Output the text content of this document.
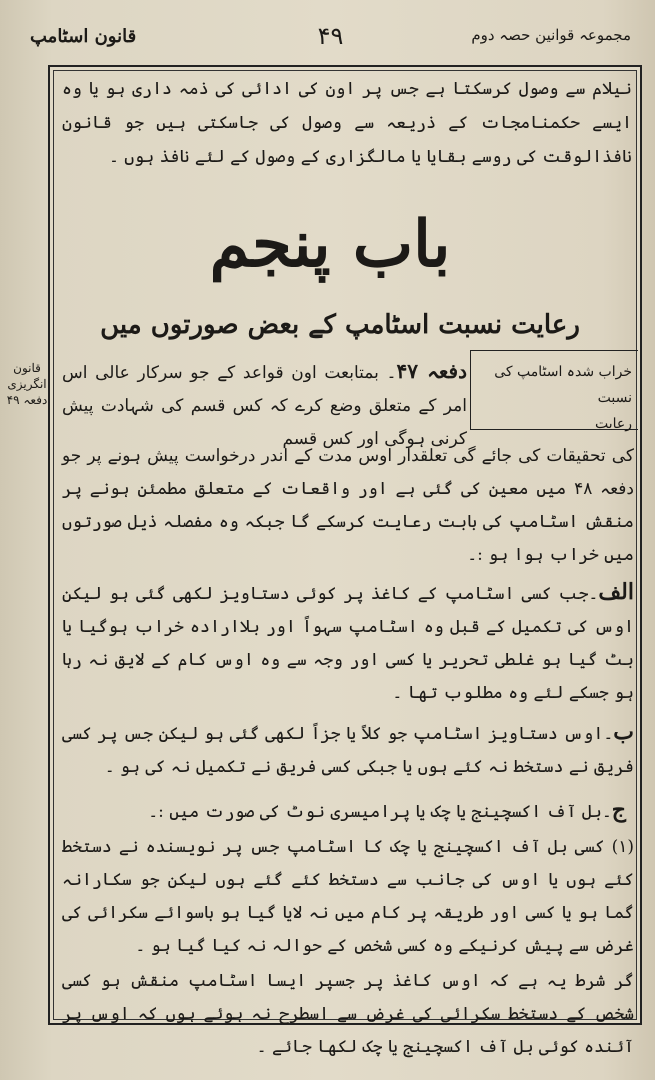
مجموعہ قوانین حصہ دوم
۴۹
قانون اسٹامپ

نیلام سے وصول کرسکتا ہے جس پر اون کی ادائی کی ذمہ داری ہو یا وہ ایسے حکمنامجات کے ذریعہ سے وصول کی جاسکتی ہیں جو قانون نافذالوقت کی روسے بقایا یا مالگزاری کے وصول کے لئے نافذ ہوں ۔

باب پنجم
رعایت نسبت اسٹامپ کے بعض صورتوں میں
قانون انگریزی
دفعہ ۴۹
خراب شدہ اسٹامپ کی نسبت
رعایت
دفعہ ۴۷۔ بمتابعت اون قواعد کے جو سرکار عالی اس امر کے متعلق وضع کرے کہ کس قسم کی شہادت پیش کرنی ہوگی اور کس قسم
کی تحقیقات کی جائے گی تعلقدار اوس مدت کے اندر درخواست پیش ہونے پر جو دفعہ ۴۸ میں معین کی گئی ہے اور واقعات کے متعلق مطمئن ہونے پر منقش اسٹامپ کی بابت رعایت کرسکے گا جبکہ وہ مفصلہ ذیل صورتوں میں خراب ہوا ہو :۔
الف۔جب کسی اسٹامپ کے کاغذ پر کوئی دستاویز لکھی گئی ہو لیکن اوس کی تکمیل کے قبل وہ اسٹامپ سہواً اور بلاارادہ خراب ہوگیا یا بٹ گیا ہو غلطی تحریر یا کسی اور وجہ سے وہ اوس کام کے لایق نہ رہا ہو جسکے لئے وہ مطلوب تھا ۔
ب۔اوس دستاویز اسٹامپ جو کلاً یا جزاً لکھی گئی ہو لیکن جس پر کسی فریق نے دستخط نہ کئے ہوں یا جبکی کسی فریق نے تکمیل نہ کی ہو ۔
ج۔بل آف اکسچینج یا چک یا پرامیسری نوٹ کی صورت میں :۔
(۱) کسی بل آف اکسچینج یا چک کا اسٹامپ جس پر نویسندہ نے دستخط کئے ہوں یا اوس کی جانب سے دستخط کئے گئے ہوں لیکن جو سکارانہ گما ہو یا کسی اور طریقہ پر کام میں نہ لایا گیا ہو باسوائے سکرائی کی غرض سے پیش کرنیکے وہ کسی شخص کے حوالہ نہ کیا گیا ہو ۔
گر شرط یہ ہے کہ اوس کاغذ پر جسپر ایسا اسٹامپ منقش ہو کسی شخص کے دستخط سکرائی کی غرض سے اسطرح نہ ہوئے ہوں کہ اوس پر آئندہ کوئی بل آف اکسچینج یا چک لکھا جائے ۔
